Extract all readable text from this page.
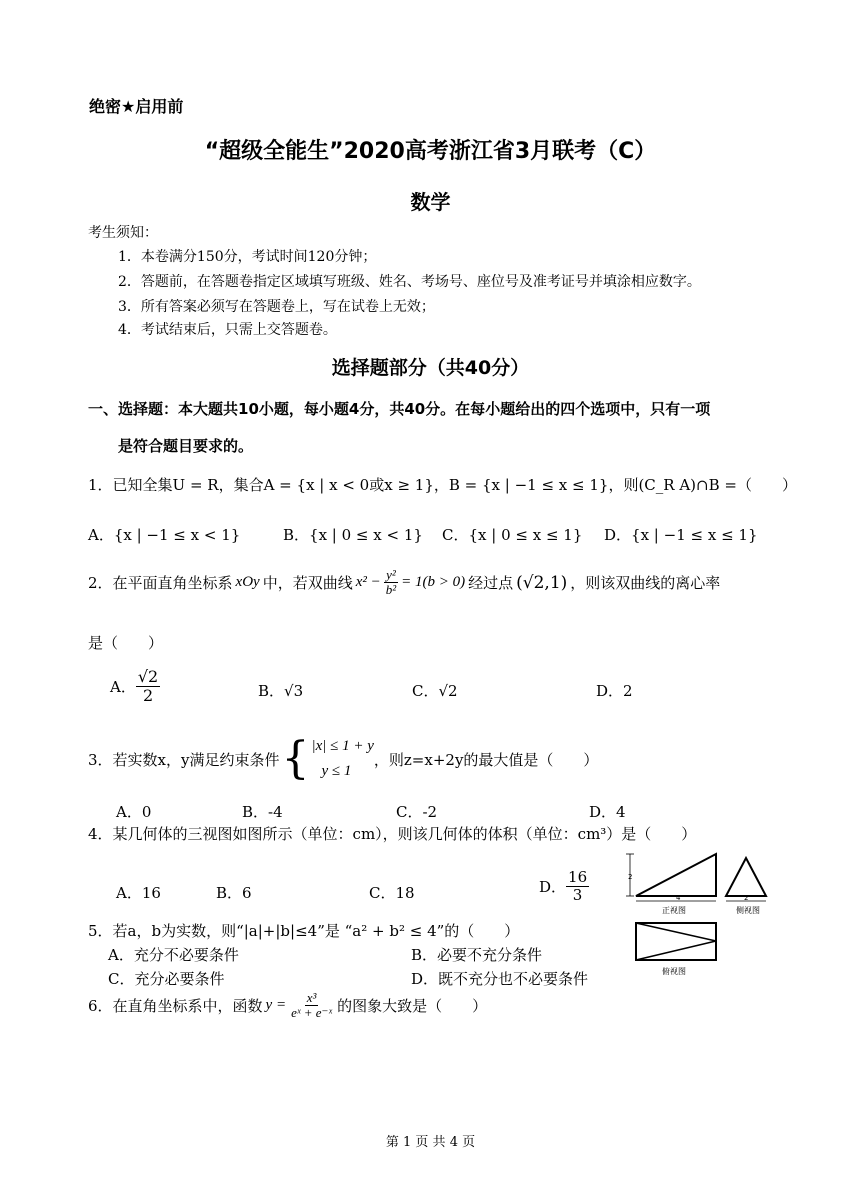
绝密★启用前
“超级全能生”2020高考浙江省3月联考（C）
数学
考生须知：
1．本卷满分150分，考试时间120分钟；
2．答题前，在答题卷指定区域填写班级、姓名、考场号、座位号及准考证号并填涂相应数字。
3．所有答案必须写在答题卷上，写在试卷上无效；
4．考试结束后，只需上交答题卷。
选择题部分（共40分）
一、选择题：本大题共10小题，每小题4分，共40分。在每小题给出的四个选项中，只有一项
是符合题目要求的。
1．已知全集U = R，集合A = {x | x < 0或x ≥ 1}，B = {x | −1 ≤ x ≤ 1}，则(C_R A)∩B =（　　）
A．{x | −1 ≤ x < 1}	B．{x | 0 ≤ x < 1} C．{x | 0 ≤ x ≤ 1} D．{x | −1 ≤ x ≤ 1}
2．在平面直角坐标系 xOy 中，若双曲线 $x^2 - \frac{\text{y²}}{\text{b²}} = 1(b > 0)$ 经过点 (√2,1) ，则该双曲线的离心率
是（　　）
A． $\frac{√2}{2}$	B．√3	C．√2	D．2
3．若实数x，y满足约束条件 { |x| ≤ 1 + y
y ≤ 1
，则z=x+2y的最大值是（　　）
A．0	B．-4	C．-2	D．4
4．某几何体的三视图如图所示（单位：cm），则该几何体的体积（单位：cm³）是（　　）
A．16	B．6	C．18	D． $\frac{16}{3}$
5．若a，b为实数，则“|a|+|b|≤4”是 “a² + b² ≤ 4”的（　　）
A．充分不必要条件	B．必要不充分条件
C．充分必要条件	D．既不充分也不必要条件
6．在直角坐标系中，函数 $y = \frac{\text{x³}}{\text{eˣ + e⁻ˣ}}$ 的图象大致是（　　）
2
4
正视图
2
侧视图
俯视图
第 1 页 共 4 页
